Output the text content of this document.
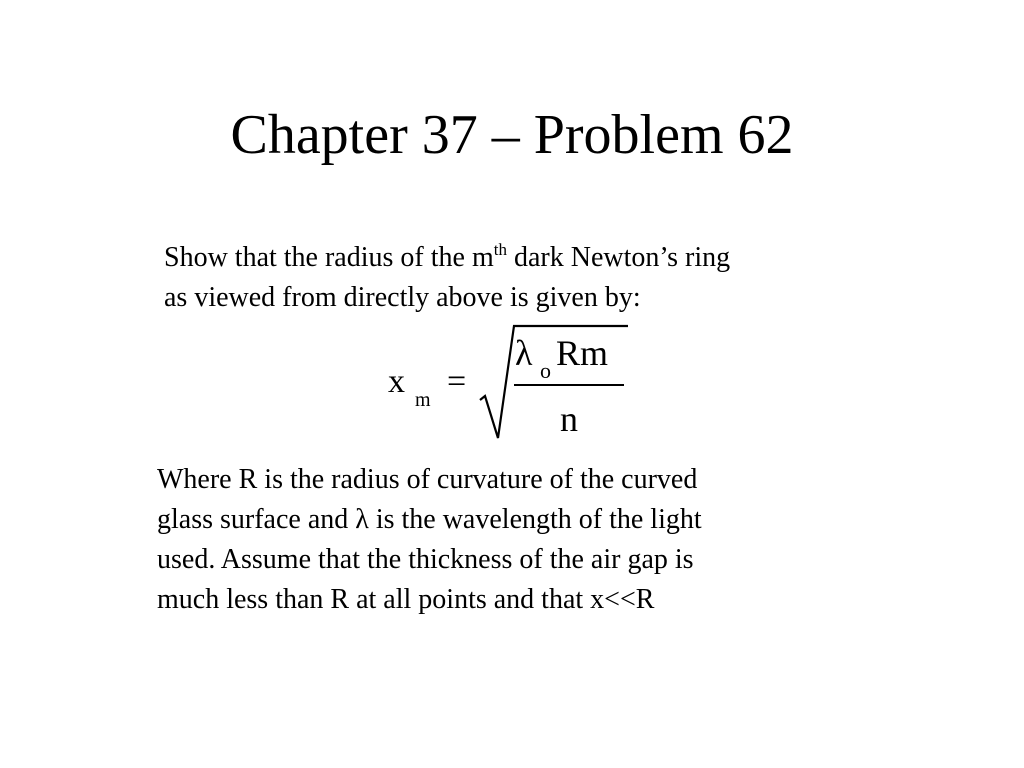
Chapter 37 – Problem 62
Show that the radius of the $m^{th}$ dark Newton’s ring
as viewed from directly above is given by:
x m =
λ o Rm
n
Where R is the radius of curvature of the curved
glass surface and λ is the wavelength of the light
used. Assume that the thickness of the air gap is
much less than R at all points and that x<<R
